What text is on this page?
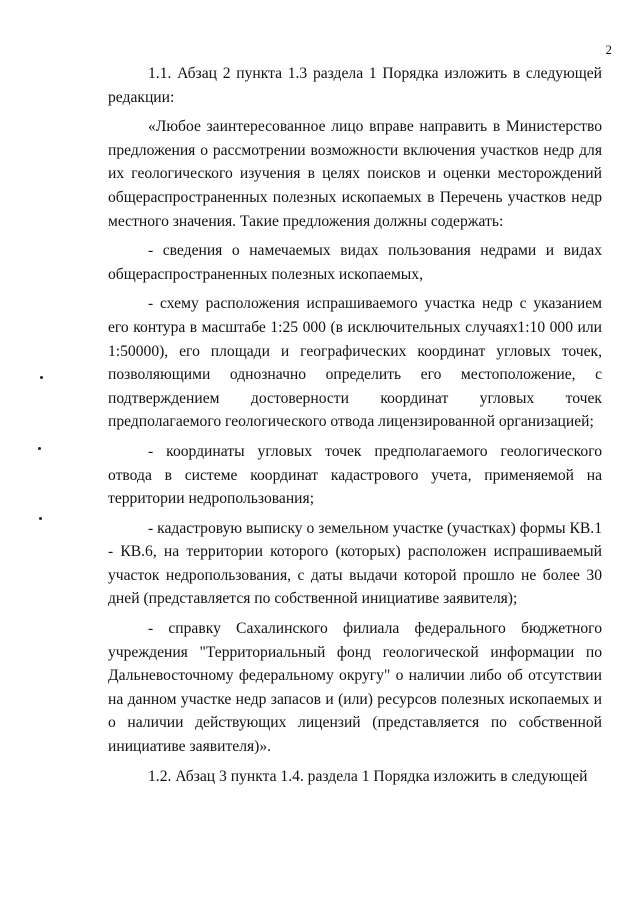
2

1.1. Абзац 2 пункта 1.3 раздела 1 Порядка изложить в следующей редакции:

«Любое заинтересованное лицо вправе направить в Министерство предложения о рассмотрении возможности включения участков недр для их геологического изучения в целях поисков и оценки месторождений общераспространенных полезных ископаемых в Перечень участков недр местного значения. Такие предложения должны содержать:

- сведения о намечаемых видах пользования недрами и видах общераспространенных полезных ископаемых,

- схему расположения испрашиваемого участка недр с указанием его контура в масштабе 1:25 000 (в исключительных случаях1:10 000 или 1:50000), его площади и географических координат угловых точек, позволяющими однозначно определить его местоположение, с подтверждением достоверности координат угловых точек предполагаемого геологического отвода лицензированной организацией;

- координаты угловых точек предполагаемого геологического отвода в системе координат кадастрового учета, применяемой на территории недропользования;

- кадастровую выписку о земельном участке (участках) формы КВ.1 - КВ.6, на территории которого (которых) расположен испрашиваемый участок недропользования, с даты выдачи которой прошло не более 30 дней (представляется по собственной инициативе заявителя);

- справку Сахалинского филиала федерального бюджетного учреждения "Территориальный фонд геологической информации по Дальневосточному федеральному округу" о наличии либо об отсутствии на данном участке недр запасов и (или) ресурсов полезных ископаемых и о наличии действующих лицензий (представляется по собственной инициативе заявителя)».

1.2. Абзац 3 пункта 1.4. раздела 1 Порядка изложить в следующей
